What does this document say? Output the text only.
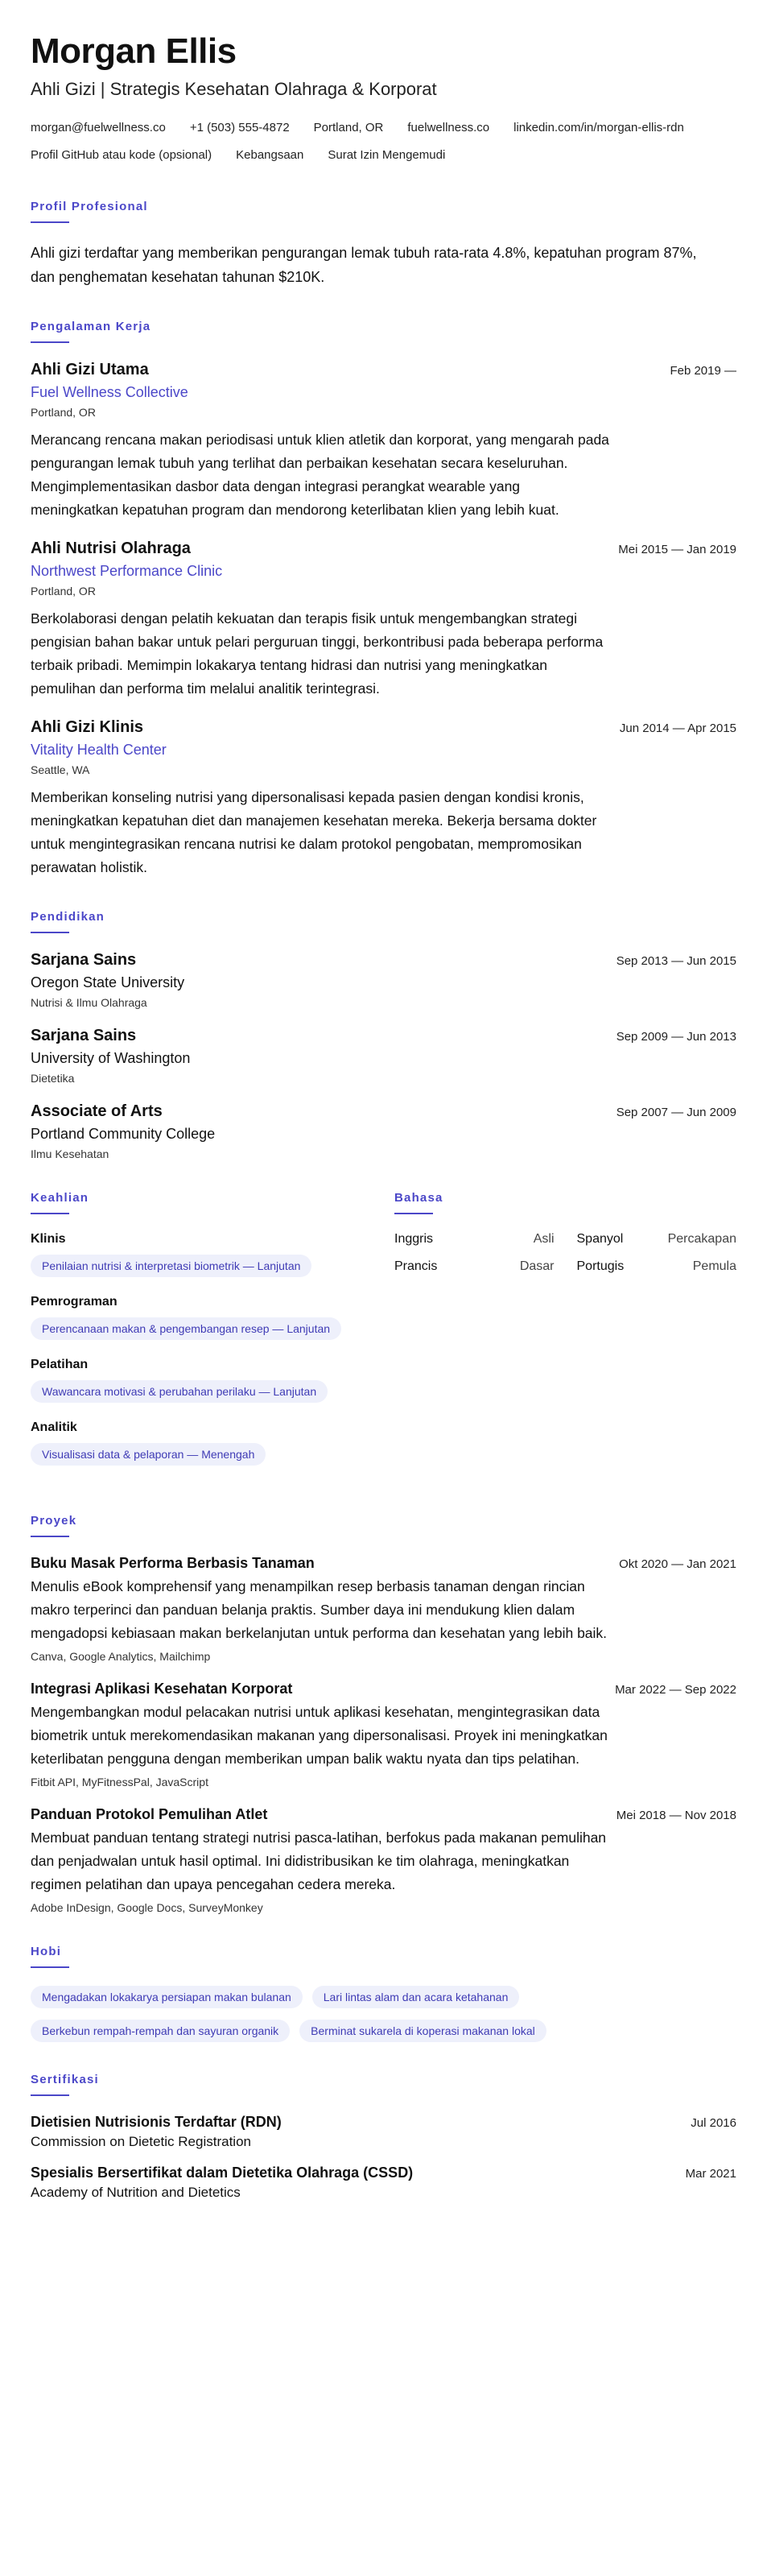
Morgan Ellis
Ahli Gizi | Strategis Kesehatan Olahraga & Korporat
morgan@fuelwellness.co +1 (503) 555-4872 Portland, OR fuelwellness.co linkedin.com/in/morgan-ellis-rdn
Profil GitHub atau kode (opsional) Kebangsaan Surat Izin Mengemudi
Profil Profesional

Ahli gizi terdaftar yang memberikan pengurangan lemak tubuh rata-rata 4.8%, kepatuhan program 87%, dan penghematan kesehatan tahunan $210K.

Pengalaman Kerja
Ahli Gizi Utama	Feb 2019 —
Fuel Wellness Collective
Portland, OR
Merancang rencana makan periodisasi untuk klien atletik dan korporat, yang mengarah pada pengurangan lemak tubuh yang terlihat dan perbaikan kesehatan secara keseluruhan. Mengimplementasikan dasbor data dengan integrasi perangkat wearable yang meningkatkan kepatuhan program dan mendorong keterlibatan klien yang lebih kuat.
Ahli Nutrisi Olahraga	Mei 2015 — Jan 2019
Northwest Performance Clinic
Portland, OR
Berkolaborasi dengan pelatih kekuatan dan terapis fisik untuk mengembangkan strategi pengisian bahan bakar untuk pelari perguruan tinggi, berkontribusi pada beberapa performa terbaik pribadi. Memimpin lokakarya tentang hidrasi dan nutrisi yang meningkatkan pemulihan dan performa tim melalui analitik terintegrasi.
Ahli Gizi Klinis	Jun 2014 — Apr 2015
Vitality Health Center
Seattle, WA
Memberikan konseling nutrisi yang dipersonalisasi kepada pasien dengan kondisi kronis, meningkatkan kepatuhan diet dan manajemen kesehatan mereka. Bekerja bersama dokter untuk mengintegrasikan rencana nutrisi ke dalam protokol pengobatan, mempromosikan perawatan holistik.
Pendidikan
Sarjana Sains	Sep 2013 — Jun 2015
Oregon State University
Nutrisi & Ilmu Olahraga
Sarjana Sains	Sep 2009 — Jun 2013
University of Washington
Dietetika
Associate of Arts	Sep 2007 — Jun 2009
Portland Community College
Ilmu Kesehatan
Keahlian
Klinis
Penilaian nutrisi & interpretasi biometrik — Lanjutan
Pemrograman
Perencanaan makan & pengembangan resep — Lanjutan
Pelatihan
Wawancara motivasi & perubahan perilaku — Lanjutan
Analitik
Visualisasi data & pelaporan — Menengah
Bahasa
Inggris	Asli Spanyol	Percakapan
Prancis	Dasar Portugis	Pemula
Proyek
Buku Masak Performa Berbasis Tanaman	Okt 2020 — Jan 2021
Menulis eBook komprehensif yang menampilkan resep berbasis tanaman dengan rincian makro terperinci dan panduan belanja praktis. Sumber daya ini mendukung klien dalam mengadopsi kebiasaan makan berkelanjutan untuk performa dan kesehatan yang lebih baik.
Canva, Google Analytics, Mailchimp
Integrasi Aplikasi Kesehatan Korporat	Mar 2022 — Sep 2022
Mengembangkan modul pelacakan nutrisi untuk aplikasi kesehatan, mengintegrasikan data biometrik untuk merekomendasikan makanan yang dipersonalisasi. Proyek ini meningkatkan keterlibatan pengguna dengan memberikan umpan balik waktu nyata dan tips pelatihan.
Fitbit API, MyFitnessPal, JavaScript
Panduan Protokol Pemulihan Atlet	Mei 2018 — Nov 2018
Membuat panduan tentang strategi nutrisi pasca-latihan, berfokus pada makanan pemulihan dan penjadwalan untuk hasil optimal. Ini didistribusikan ke tim olahraga, meningkatkan regimen pelatihan dan upaya pencegahan cedera mereka.
Adobe InDesign, Google Docs, SurveyMonkey
Hobi
Mengadakan lokakarya persiapan makan bulanan	Lari lintas alam dan acara ketahanan
Berkebun rempah-rempah dan sayuran organik	Berminat sukarela di koperasi makanan lokal
Sertifikasi
Dietisien Nutrisionis Terdaftar (RDN)	Jul 2016
Commission on Dietetic Registration
Spesialis Bersertifikat dalam Dietetika Olahraga (CSSD)	Mar 2021
Academy of Nutrition and Dietetics
